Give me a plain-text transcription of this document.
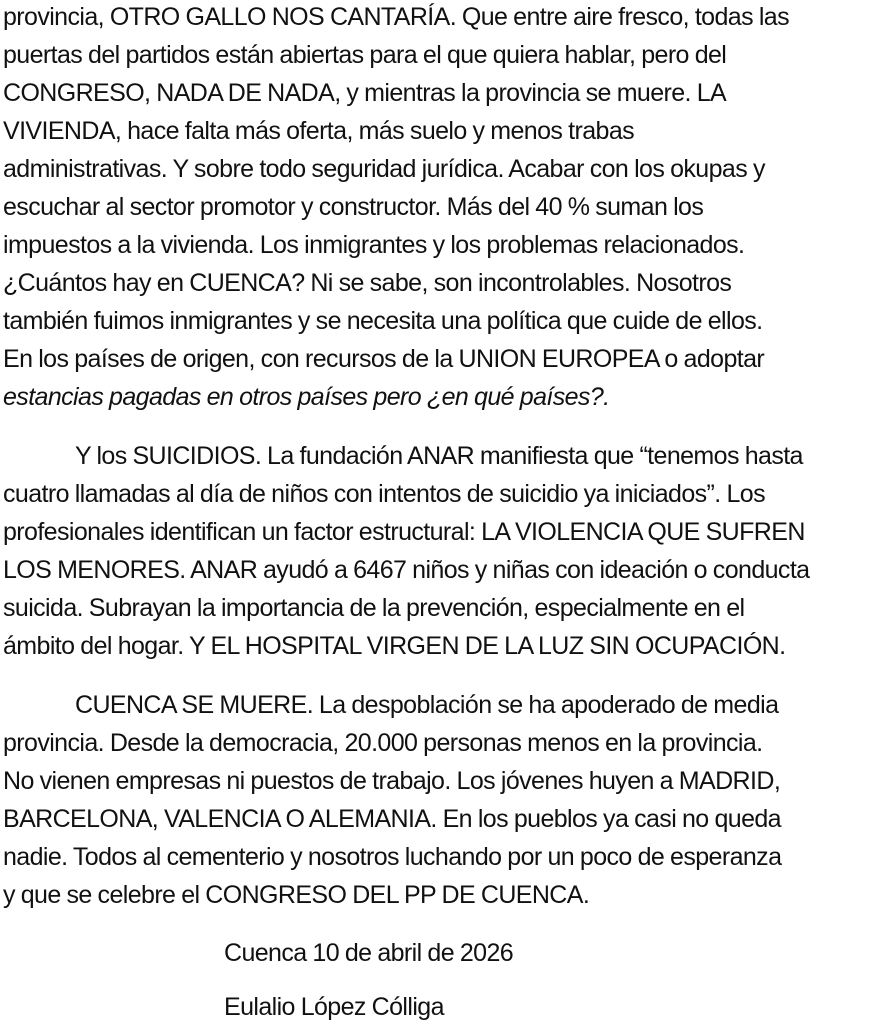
provincia, OTRO GALLO NOS CANTARÍA. Que entre aire fresco, todas las
puertas del partidos están abiertas para el que quiera hablar, pero del
CONGRESO, NADA DE NADA, y mientras la provincia se muere. LA
VIVIENDA, hace falta más oferta, más suelo y menos trabas
administrativas. Y sobre todo seguridad jurídica. Acabar con los okupas y
escuchar al sector promotor y constructor. Más del 40 % suman los
impuestos a la vivienda. Los inmigrantes y los problemas relacionados.
¿Cuántos hay en CUENCA? Ni se sabe, son incontrolables. Nosotros
también fuimos inmigrantes y se necesita una política que cuide de ellos.
En los países de origen, con recursos de la UNION EUROPEA o adoptar
estancias pagadas en otros países pero ¿en qué países?.
Y los SUICIDIOS. La fundación ANAR manifiesta que “tenemos hasta
cuatro llamadas al día de niños con intentos de suicidio ya iniciados”. Los
profesionales identifican un factor estructural: LA VIOLENCIA QUE SUFREN
LOS MENORES. ANAR ayudó a 6467 niños y niñas con ideación o conducta
suicida. Subrayan la importancia de la prevención, especialmente en el
ámbito del hogar. Y EL HOSPITAL VIRGEN DE LA LUZ SIN OCUPACIÓN.
CUENCA SE MUERE. La despoblación se ha apoderado de media
provincia. Desde la democracia, 20.000 personas menos en la provincia.
No vienen empresas ni puestos de trabajo. Los jóvenes huyen a MADRID,
BARCELONA, VALENCIA O ALEMANIA. En los pueblos ya casi no queda
nadie. Todos al cementerio y nosotros luchando por un poco de esperanza
y que se celebre el CONGRESO DEL PP DE CUENCA.
Cuenca 10 de abril de 2026
Eulalio López Cólliga
